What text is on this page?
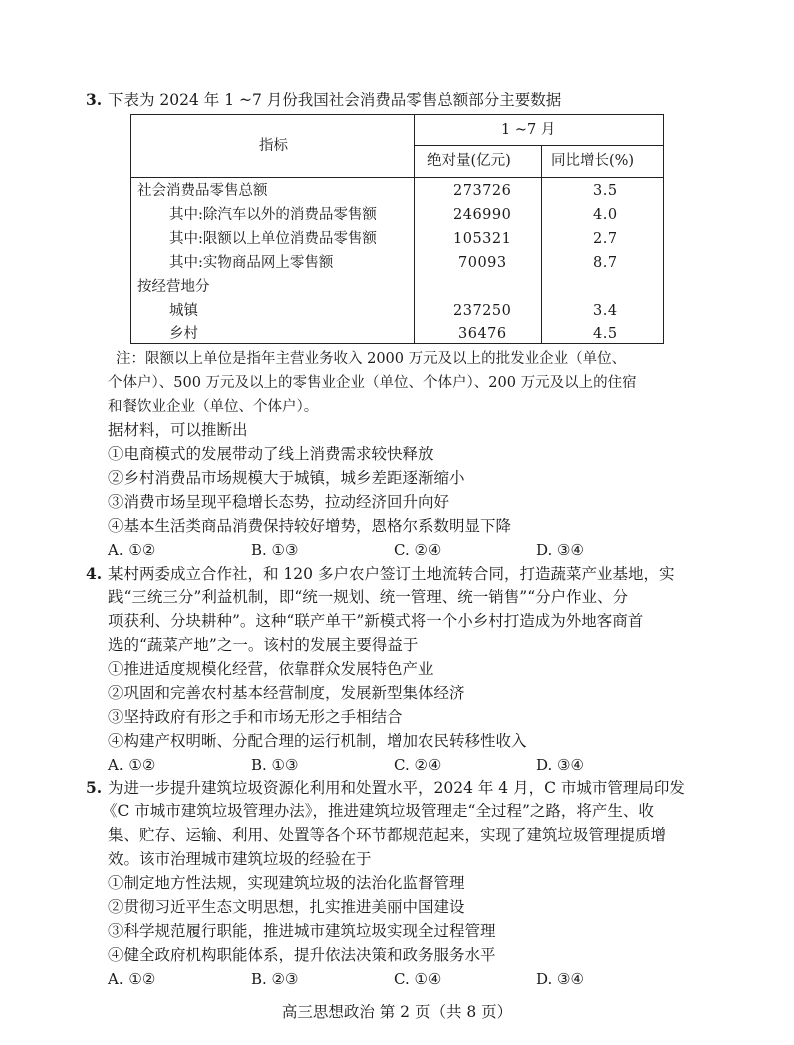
3. 下表为 2024 年 1 ~7 月份我国社会消费品零售总额部分主要数据
指标
1 ~7 月
绝对量(亿元)	同比增长(%)
社会消费品零售总额	273726	3.5
其中:除汽车以外的消费品零售额	246990	4.0
其中:限额以上单位消费品零售额	105321	2.7
其中:实物商品网上零售额	70093	8.7
按经营地分
城镇	237250	3.4
乡村	36476	4.5
注：限额以上单位是指年主营业务收入 2000 万元及以上的批发业企业（单位、
个体户）、500 万元及以上的零售业企业（单位、个体户）、200 万元及以上的住宿
和餐饮业企业（单位、个体户）。
据材料，可以推断出
①电商模式的发展带动了线上消费需求较快释放
②乡村消费品市场规模大于城镇，城乡差距逐渐缩小
③消费市场呈现平稳增长态势，拉动经济回升向好
④基本生活类商品消费保持较好增势，恩格尔系数明显下降
A. ①②	B. ①③	C. ②④	D. ③④
4. 某村两委成立合作社，和 120 多户农户签订土地流转合同，打造蔬菜产业基地，实
践“三统三分”利益机制，即“统一规划、统一管理、统一销售”“分户作业、分
项获利、分块耕种”。这种“联产单干”新模式将一个小乡村打造成为外地客商首
选的“蔬菜产地”之一。该村的发展主要得益于
①推进适度规模化经营，依靠群众发展特色产业
②巩固和完善农村基本经营制度，发展新型集体经济
③坚持政府有形之手和市场无形之手相结合
④构建产权明晰、分配合理的运行机制，增加农民转移性收入
A. ①②	B. ①③	C. ②④	D. ③④
5. 为进一步提升建筑垃圾资源化利用和处置水平，2024 年 4 月，C 市城市管理局印发
《C 市城市建筑垃圾管理办法》，推进建筑垃圾管理走“全过程”之路，将产生、收
集、贮存、运输、利用、处置等各个环节都规范起来，实现了建筑垃圾管理提质增
效。该市治理城市建筑垃圾的经验在于
①制定地方性法规，实现建筑垃圾的法治化监督管理
②贯彻习近平生态文明思想，扎实推进美丽中国建设
③科学规范履行职能，推进城市建筑垃圾实现全过程管理
④健全政府机构职能体系，提升依法决策和政务服务水平
A. ①②	B. ②③	C. ①④	D. ③④
高三思想政治 第 2 页（共 8 页）
